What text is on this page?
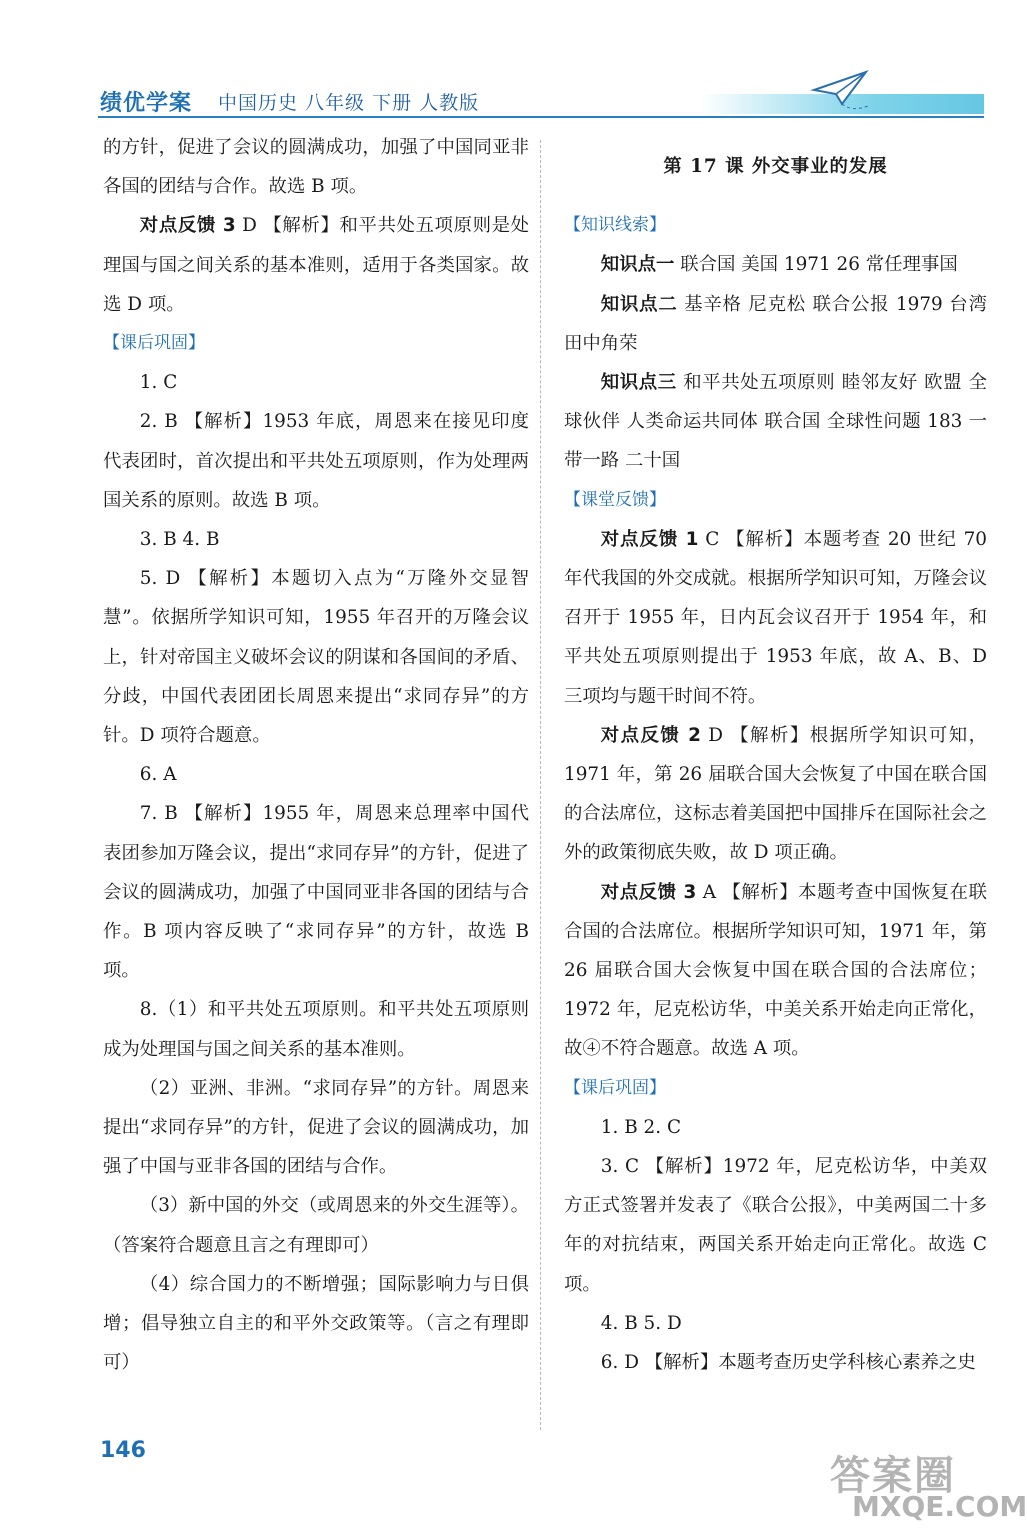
绩优学案 中国历史 八年级 下册 人教版

的方针，促进了会议的圆满成功，加强了中国同亚非各国的团结与合作。故选 B 项。

对点反馈 3 D 【解析】和平共处五项原则是处理国与国之间关系的基本准则，适用于各类国家。故选 D 项。

【课后巩固】

1. C

2. B 【解析】1953 年底，周恩来在接见印度代表团时，首次提出和平共处五项原则，作为处理两国关系的原则。故选 B 项。

3. B 4. B

5. D 【解析】本题切入点为“万隆外交显智慧”。依据所学知识可知，1955 年召开的万隆会议上，针对帝国主义破坏会议的阴谋和各国间的矛盾、分歧，中国代表团团长周恩来提出“求同存异”的方针。D 项符合题意。

6. A

7. B 【解析】1955 年，周恩来总理率中国代表团参加万隆会议，提出“求同存异”的方针，促进了会议的圆满成功，加强了中国同亚非各国的团结与合作。B 项内容反映了“求同存异”的方针，故选 B 项。

8.（1）和平共处五项原则。和平共处五项原则成为处理国与国之间关系的基本准则。

（2）亚洲、非洲。“求同存异”的方针。周恩来提出“求同存异”的方针，促进了会议的圆满成功，加强了中国与亚非各国的团结与合作。

（3）新中国的外交（或周恩来的外交生涯等）。（答案符合题意且言之有理即可）

（4）综合国力的不断增强；国际影响力与日俱增；倡导独立自主的和平外交政策等。（言之有理即可）

第 17 课 外交事业的发展

【知识线索】

知识点一 联合国 美国 1971 26 常任理事国

知识点二 基辛格 尼克松 联合公报 1979 台湾 田中角荣

知识点三 和平共处五项原则 睦邻友好 欧盟 全球伙伴 人类命运共同体 联合国 全球性问题 183 一带一路 二十国

【课堂反馈】

对点反馈 1 C 【解析】本题考查 20 世纪 70 年代我国的外交成就。根据所学知识可知，万隆会议召开于 1955 年，日内瓦会议召开于 1954 年，和平共处五项原则提出于 1953 年底，故 A、B、D 三项均与题干时间不符。

对点反馈 2 D 【解析】根据所学知识可知，1971 年，第 26 届联合国大会恢复了中国在联合国的合法席位，这标志着美国把中国排斥在国际社会之外的政策彻底失败，故 D 项正确。

对点反馈 3 A 【解析】本题考查中国恢复在联合国的合法席位。根据所学知识可知，1971 年，第 26 届联合国大会恢复中国在联合国的合法席位；1972 年，尼克松访华，中美关系开始走向正常化，故④不符合题意。故选 A 项。

【课后巩固】

1. B 2. C

3. C 【解析】1972 年，尼克松访华，中美双方正式签署并发表了《联合公报》，中美两国二十多年的对抗结束，两国关系开始走向正常化。故选 C 项。

4. B 5. D

6. D 【解析】本题考查历史学科核心素养之史

146
答案圈
MXQE.COM
